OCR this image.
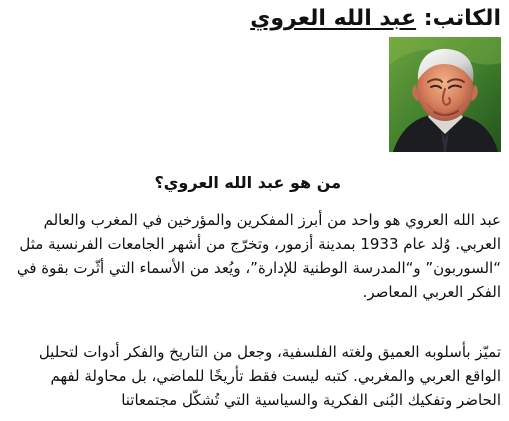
الكاتب: عبد الله العروي
من هو عبد الله العروي؟

عبد الله العروي هو واحد من أبرز المفكرين والمؤرخين في المغرب والعالم العربي. وُلد عام 1933 بمدينة أزمور، وتخرّج من أشهر الجامعات الفرنسية مثل “السوربون” و“المدرسة الوطنية للإدارة”، ويُعد من الأسماء التي أثّرت بقوة في الفكر العربي المعاصر.

تميّز بأسلوبه العميق ولغته الفلسفية، وجعل من التاريخ والفكر أدوات لتحليل الواقع العربي والمغربي. كتبه ليست فقط تأريخًا للماضي، بل محاولة لفهم الحاضر وتفكيك البُنى الفكرية والسياسية التي تُشكّل مجتمعاتنا
